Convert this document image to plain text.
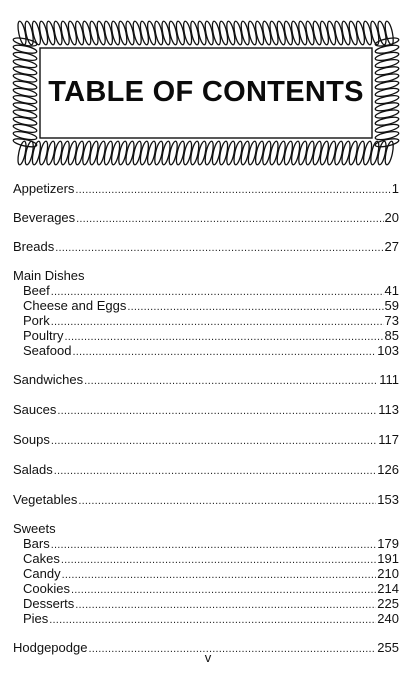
TABLE OF CONTENTS
Appetizers .....	1
Beverages .....	20
Breads .....	27
Main Dishes
Beef .....	41
Cheese and Eggs .....	59
Pork .....	73
Poultry .....	85
Seafood .....	103
Sandwiches .....	111
Sauces .....	113
Soups .....	117
Salads .....	126
Vegetables .....	153
Sweets
Bars .....	179
Cakes .....	191
Candy .....	210
Cookies .....	214
Desserts .....	225
Pies .....	240
Hodgepodge .....	255
v
